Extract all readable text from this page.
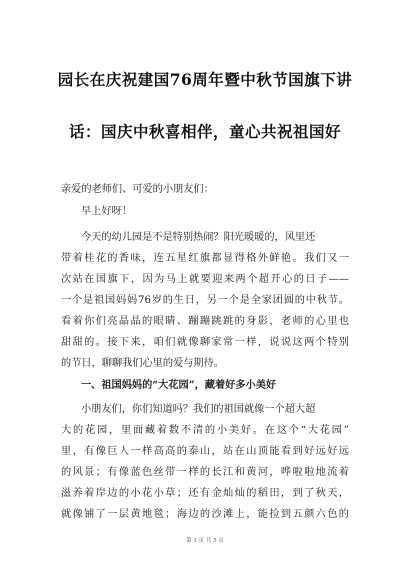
园长在庆祝建国76周年暨中秋节国旗下讲
话：国庆中秋喜相伴，童心共祝祖国好
亲爱的老师们、可爱的小朋友们：
早上好呀！
今天的幼儿园是不是特别热闹？阳光暖暖的，风里还
带着桂花的香味，连五星红旗都显得格外鲜艳。我们又一
次站在国旗下，因为马上就要迎来两个超开心的日子——
一个是祖国妈妈76岁的生日，另一个是全家团圆的中秋节。
看着你们亮晶晶的眼睛、蹦蹦跳跳的身影，老师的心里也
甜甜的。接下来，咱们就像聊家常一样，说说这两个特别
的节日，聊聊我们心里的爱与期待。
一、祖国妈妈的“大花园”，藏着好多小美好
小朋友们，你们知道吗？我们的祖国就像一个超大超
大的花园，里面藏着数不清的小美好。在这个“大花园”
里，有像巨人一样高高的泰山，站在山顶能看到好远好远
的风景；有像蓝色丝带一样的长江和黄河，哗啦啦地流着
滋养着岸边的小花小草；还有金灿灿的稻田，到了秋天，
就像铺了一层黄地毯；海边的沙滩上，能捡到五颜六色的
第 1 页 共 5 页
